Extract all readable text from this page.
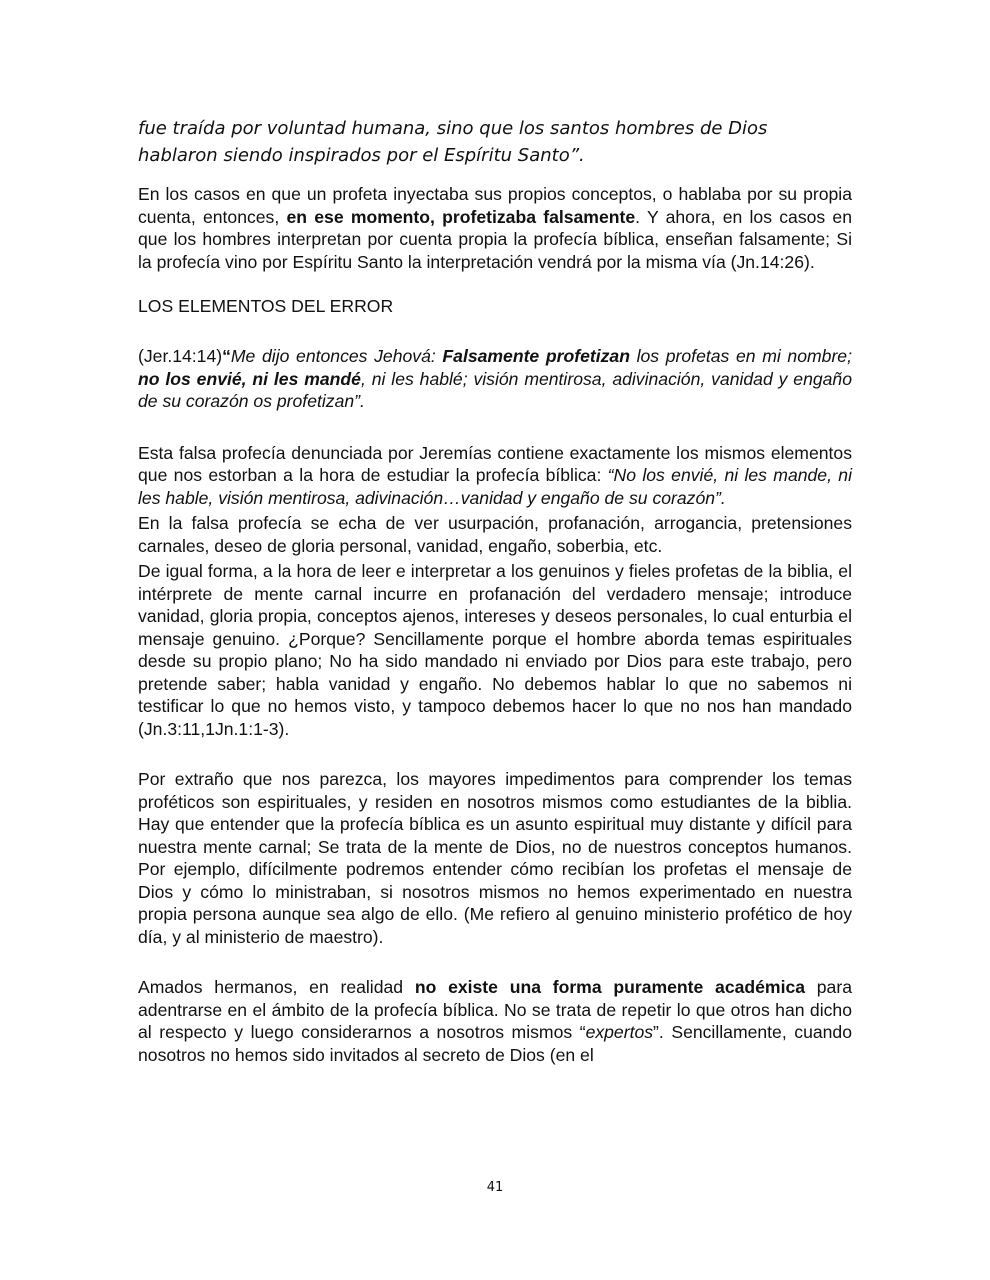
fue traída por voluntad humana, sino que los santos hombres de Dios
hablaron siendo inspirados por el Espíritu Santo”.

En los casos en que un profeta inyectaba sus propios conceptos, o hablaba por su propia cuenta, entonces, en ese momento, profetizaba falsamente. Y ahora, en los casos en que los hombres interpretan por cuenta propia la profecía bíblica, enseñan falsamente; Si la profecía vino por Espíritu Santo la interpretación vendrá por la misma vía (Jn.14:26).

LOS ELEMENTOS DEL ERROR

(Jer.14:14)“Me dijo entonces Jehová: Falsamente profetizan los profetas en mi nombre; no los envié, ni les mandé, ni les hablé; visión mentirosa, adivinación, vanidad y engaño de su corazón os profetizan”.

Esta falsa profecía denunciada por Jeremías contiene exactamente los mismos elementos que nos estorban a la hora de estudiar la profecía bíblica: “No los envié, ni les mande, ni les hable, visión mentirosa, adivinación…vanidad y engaño de su corazón”.

En la falsa profecía se echa de ver usurpación, profanación, arrogancia, pretensiones carnales, deseo de gloria personal, vanidad, engaño, soberbia, etc.

De igual forma, a la hora de leer e interpretar a los genuinos y fieles profetas de la biblia, el intérprete de mente carnal incurre en profanación del verdadero mensaje; introduce vanidad, gloria propia, conceptos ajenos, intereses y deseos personales, lo cual enturbia el mensaje genuino. ¿Porque? Sencillamente porque el hombre aborda temas espirituales desde su propio plano; No ha sido mandado ni enviado por Dios para este trabajo, pero pretende saber; habla vanidad y engaño. No debemos hablar lo que no sabemos ni testificar lo que no hemos visto, y tampoco debemos hacer lo que no nos han mandado (Jn.3:11,1Jn.1:1-3).

Por extraño que nos parezca, los mayores impedimentos para comprender los temas proféticos son espirituales, y residen en nosotros mismos como estudiantes de la biblia. Hay que entender que la profecía bíblica es un asunto espiritual muy distante y difícil para nuestra mente carnal; Se trata de la mente de Dios, no de nuestros conceptos humanos. Por ejemplo, difícilmente podremos entender cómo recibían los profetas el mensaje de Dios y cómo lo ministraban, si nosotros mismos no hemos experimentado en nuestra propia persona aunque sea algo de ello. (Me refiero al genuino ministerio profético de hoy día, y al ministerio de maestro).

Amados hermanos, en realidad no existe una forma puramente académica para adentrarse en el ámbito de la profecía bíblica. No se trata de repetir lo que otros han dicho al respecto y luego considerarnos a nosotros mismos “expertos”. Sencillamente, cuando nosotros no hemos sido invitados al secreto de Dios (en el

41
